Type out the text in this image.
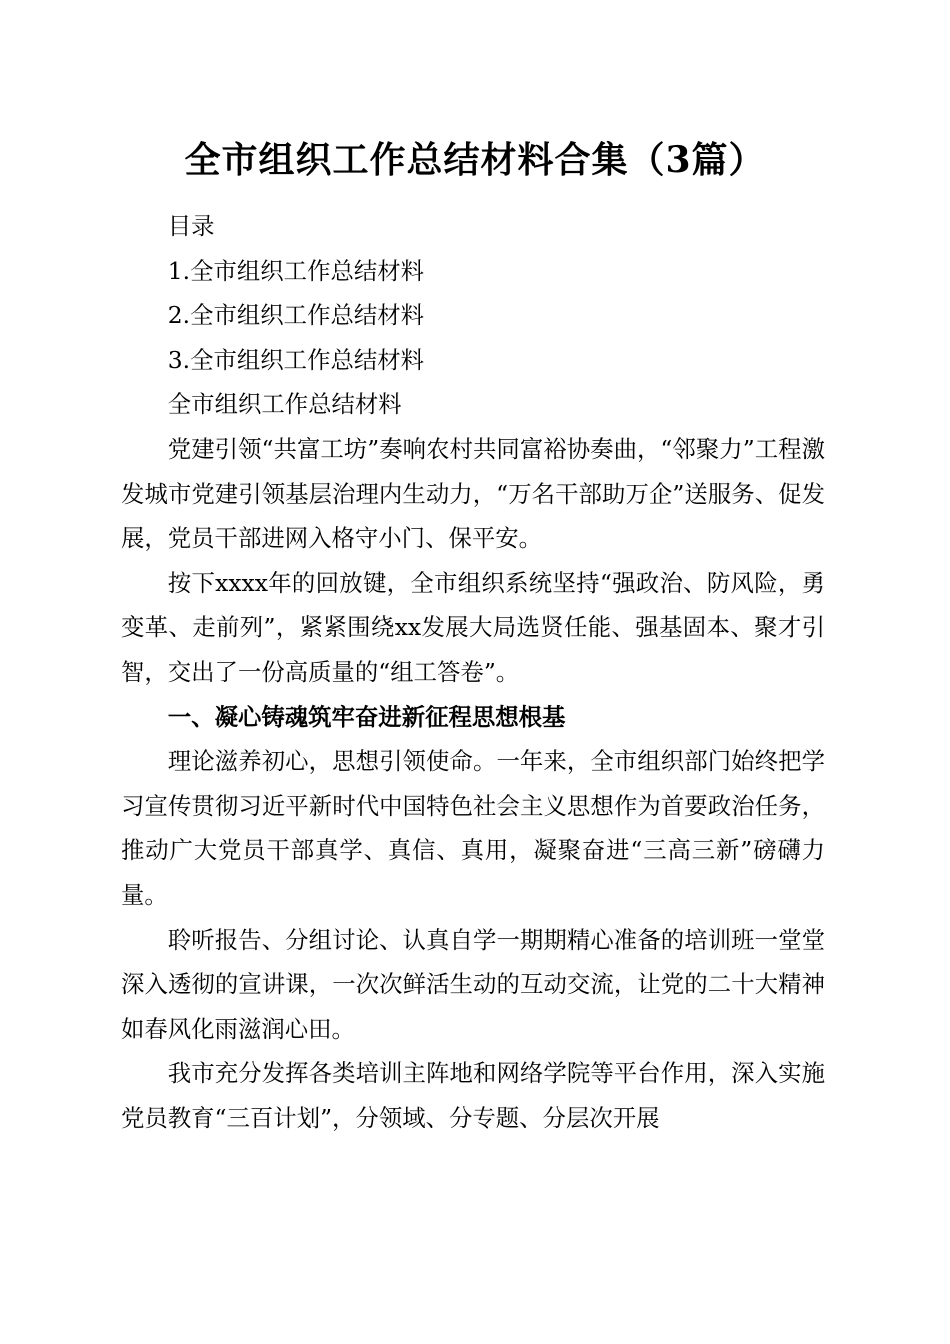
全市组织工作总结材料合集（3篇）

目录

1.全市组织工作总结材料

2.全市组织工作总结材料

3.全市组织工作总结材料

全市组织工作总结材料

党建引领“共富工坊”奏响农村共同富裕协奏曲，“邻聚力”工程激发城市党建引领基层治理内生动力，“万名干部助万企”送服务、促发展，党员干部进网入格守小门、保平安。

按下xxxx年的回放键，全市组织系统坚持“强政治、防风险，勇变革、走前列”，紧紧围绕xx发展大局选贤任能、强基固本、聚才引智，交出了一份高质量的“组工答卷”。

一、凝心铸魂筑牢奋进新征程思想根基

理论滋养初心，思想引领使命。一年来，全市组织部门始终把学习宣传贯彻习近平新时代中国特色社会主义思想作为首要政治任务，推动广大党员干部真学、真信、真用，凝聚奋进“三高三新”磅礴力量。

聆听报告、分组讨论、认真自学一期期精心准备的培训班一堂堂深入透彻的宣讲课，一次次鲜活生动的互动交流，让党的二十大精神如春风化雨滋润心田。

我市充分发挥各类培训主阵地和网络学院等平台作用，深入实施党员教育“三百计划”，分领域、分专题、分层次开展
